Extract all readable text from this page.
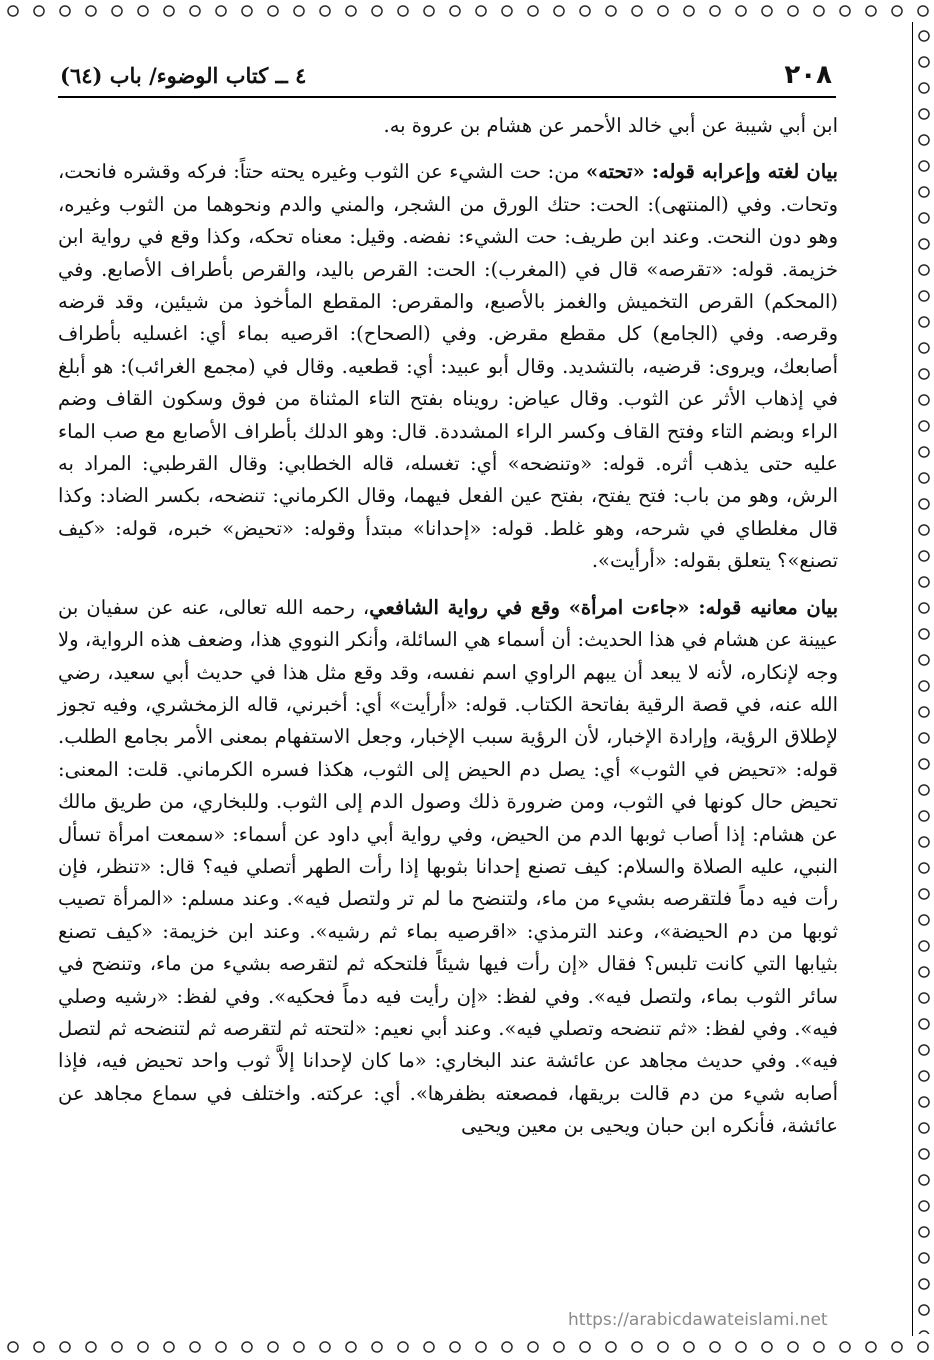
٢٠٨
٤ ــ كتاب الوضوء/ باب (٦٤)

ابن أبي شيبة عن أبي خالد الأحمر عن هشام بن عروة به.

بيان لغته وإعرابه قوله: «تحته» من: حت الشيء عن الثوب وغيره يحته حتاً: فركه وقشره فانحت، وتحات. وفي (المنتهى): الحت: حتك الورق من الشجر، والمني والدم ونحوهما من الثوب وغيره، وهو دون النحت. وعند ابن طريف: حت الشيء: نفضه. وقيل: معناه تحكه، وكذا وقع في رواية ابن خزيمة. قوله: «تقرصه» قال في (المغرب): الحت: القرص باليد، والقرص بأطراف الأصابع. وفي (المحكم) القرص التخميش والغمز بالأصبع، والمقرص: المقطع المأخوذ من شيئين، وقد قرضه وقرصه. وفي (الجامع) كل مقطع مقرض. وفي (الصحاح): اقرصيه بماء أي: اغسليه بأطراف أصابعك، ويروى: قرضيه، بالتشديد. وقال أبو عبيد: أي: قطعيه. وقال في (مجمع الغرائب): هو أبلغ في إذهاب الأثر عن الثوب. وقال عياض: رويناه بفتح التاء المثناة من فوق وسكون القاف وضم الراء وبضم التاء وفتح القاف وكسر الراء المشددة. قال: وهو الدلك بأطراف الأصابع مع صب الماء عليه حتى يذهب أثره. قوله: «وتنضحه» أي: تغسله، قاله الخطابي: وقال القرطبي: المراد به الرش، وهو من باب: فتح يفتح، بفتح عين الفعل فيهما، وقال الكرماني: تنضحه، بكسر الضاد: وكذا قال مغلطاي في شرحه، وهو غلط. قوله: «إحدانا» مبتدأ وقوله: «تحيض» خبره، قوله: «كيف تصنع»؟ يتعلق بقوله: «أرأيت».

بيان معانيه قوله: «جاءت امرأة» وقع في رواية الشافعي، رحمه الله تعالى، عنه عن سفيان بن عيينة عن هشام في هذا الحديث: أن أسماء هي السائلة، وأنكر النووي هذا، وضعف هذه الرواية، ولا وجه لإنكاره، لأنه لا يبعد أن يبهم الراوي اسم نفسه، وقد وقع مثل هذا في حديث أبي سعيد، رضي الله عنه، في قصة الرقية بفاتحة الكتاب. قوله: «أرأيت» أي: أخبرني، قاله الزمخشري، وفيه تجوز لإطلاق الرؤية، وإرادة الإخبار، لأن الرؤية سبب الإخبار، وجعل الاستفهام بمعنى الأمر بجامع الطلب. قوله: «تحيض في الثوب» أي: يصل دم الحيض إلى الثوب، هكذا فسره الكرماني. قلت: المعنى: تحيض حال كونها في الثوب، ومن ضرورة ذلك وصول الدم إلى الثوب. وللبخاري، من طريق مالك عن هشام: إذا أصاب ثوبها الدم من الحيض، وفي رواية أبي داود عن أسماء: «سمعت امرأة تسأل النبي، عليه الصلاة والسلام: كيف تصنع إحدانا بثوبها إذا رأت الطهر أتصلي فيه؟ قال: «تنظر، فإن رأت فيه دماً فلتقرصه بشيء من ماء، ولتنضح ما لم تر ولتصل فيه». وعند مسلم: «المرأة تصيب ثوبها من دم الحيضة»، وعند الترمذي: «اقرصيه بماء ثم رشيه». وعند ابن خزيمة: «كيف تصنع بثيابها التي كانت تلبس؟ فقال «إن رأت فيها شيئاً فلتحكه ثم لتقرصه بشيء من ماء، وتنضح في سائر الثوب بماء، ولتصل فيه». وفي لفظ: «إن رأيت فيه دماً فحكيه». وفي لفظ: «رشيه وصلي فيه». وفي لفظ: «ثم تنضحه وتصلي فيه». وعند أبي نعيم: «لتحته ثم لتقرصه ثم لتنضحه ثم لتصل فيه». وفي حديث مجاهد عن عائشة عند البخاري: «ما كان لإحدانا إلاَّ ثوب واحد تحيض فيه، فإذا أصابه شيء من دم قالت بريقها، فمصعته بظفرها». أي: عركته. واختلف في سماع مجاهد عن عائشة، فأنكره ابن حبان ويحيى بن معين ويحيى

https://arabicdawateislami.net
